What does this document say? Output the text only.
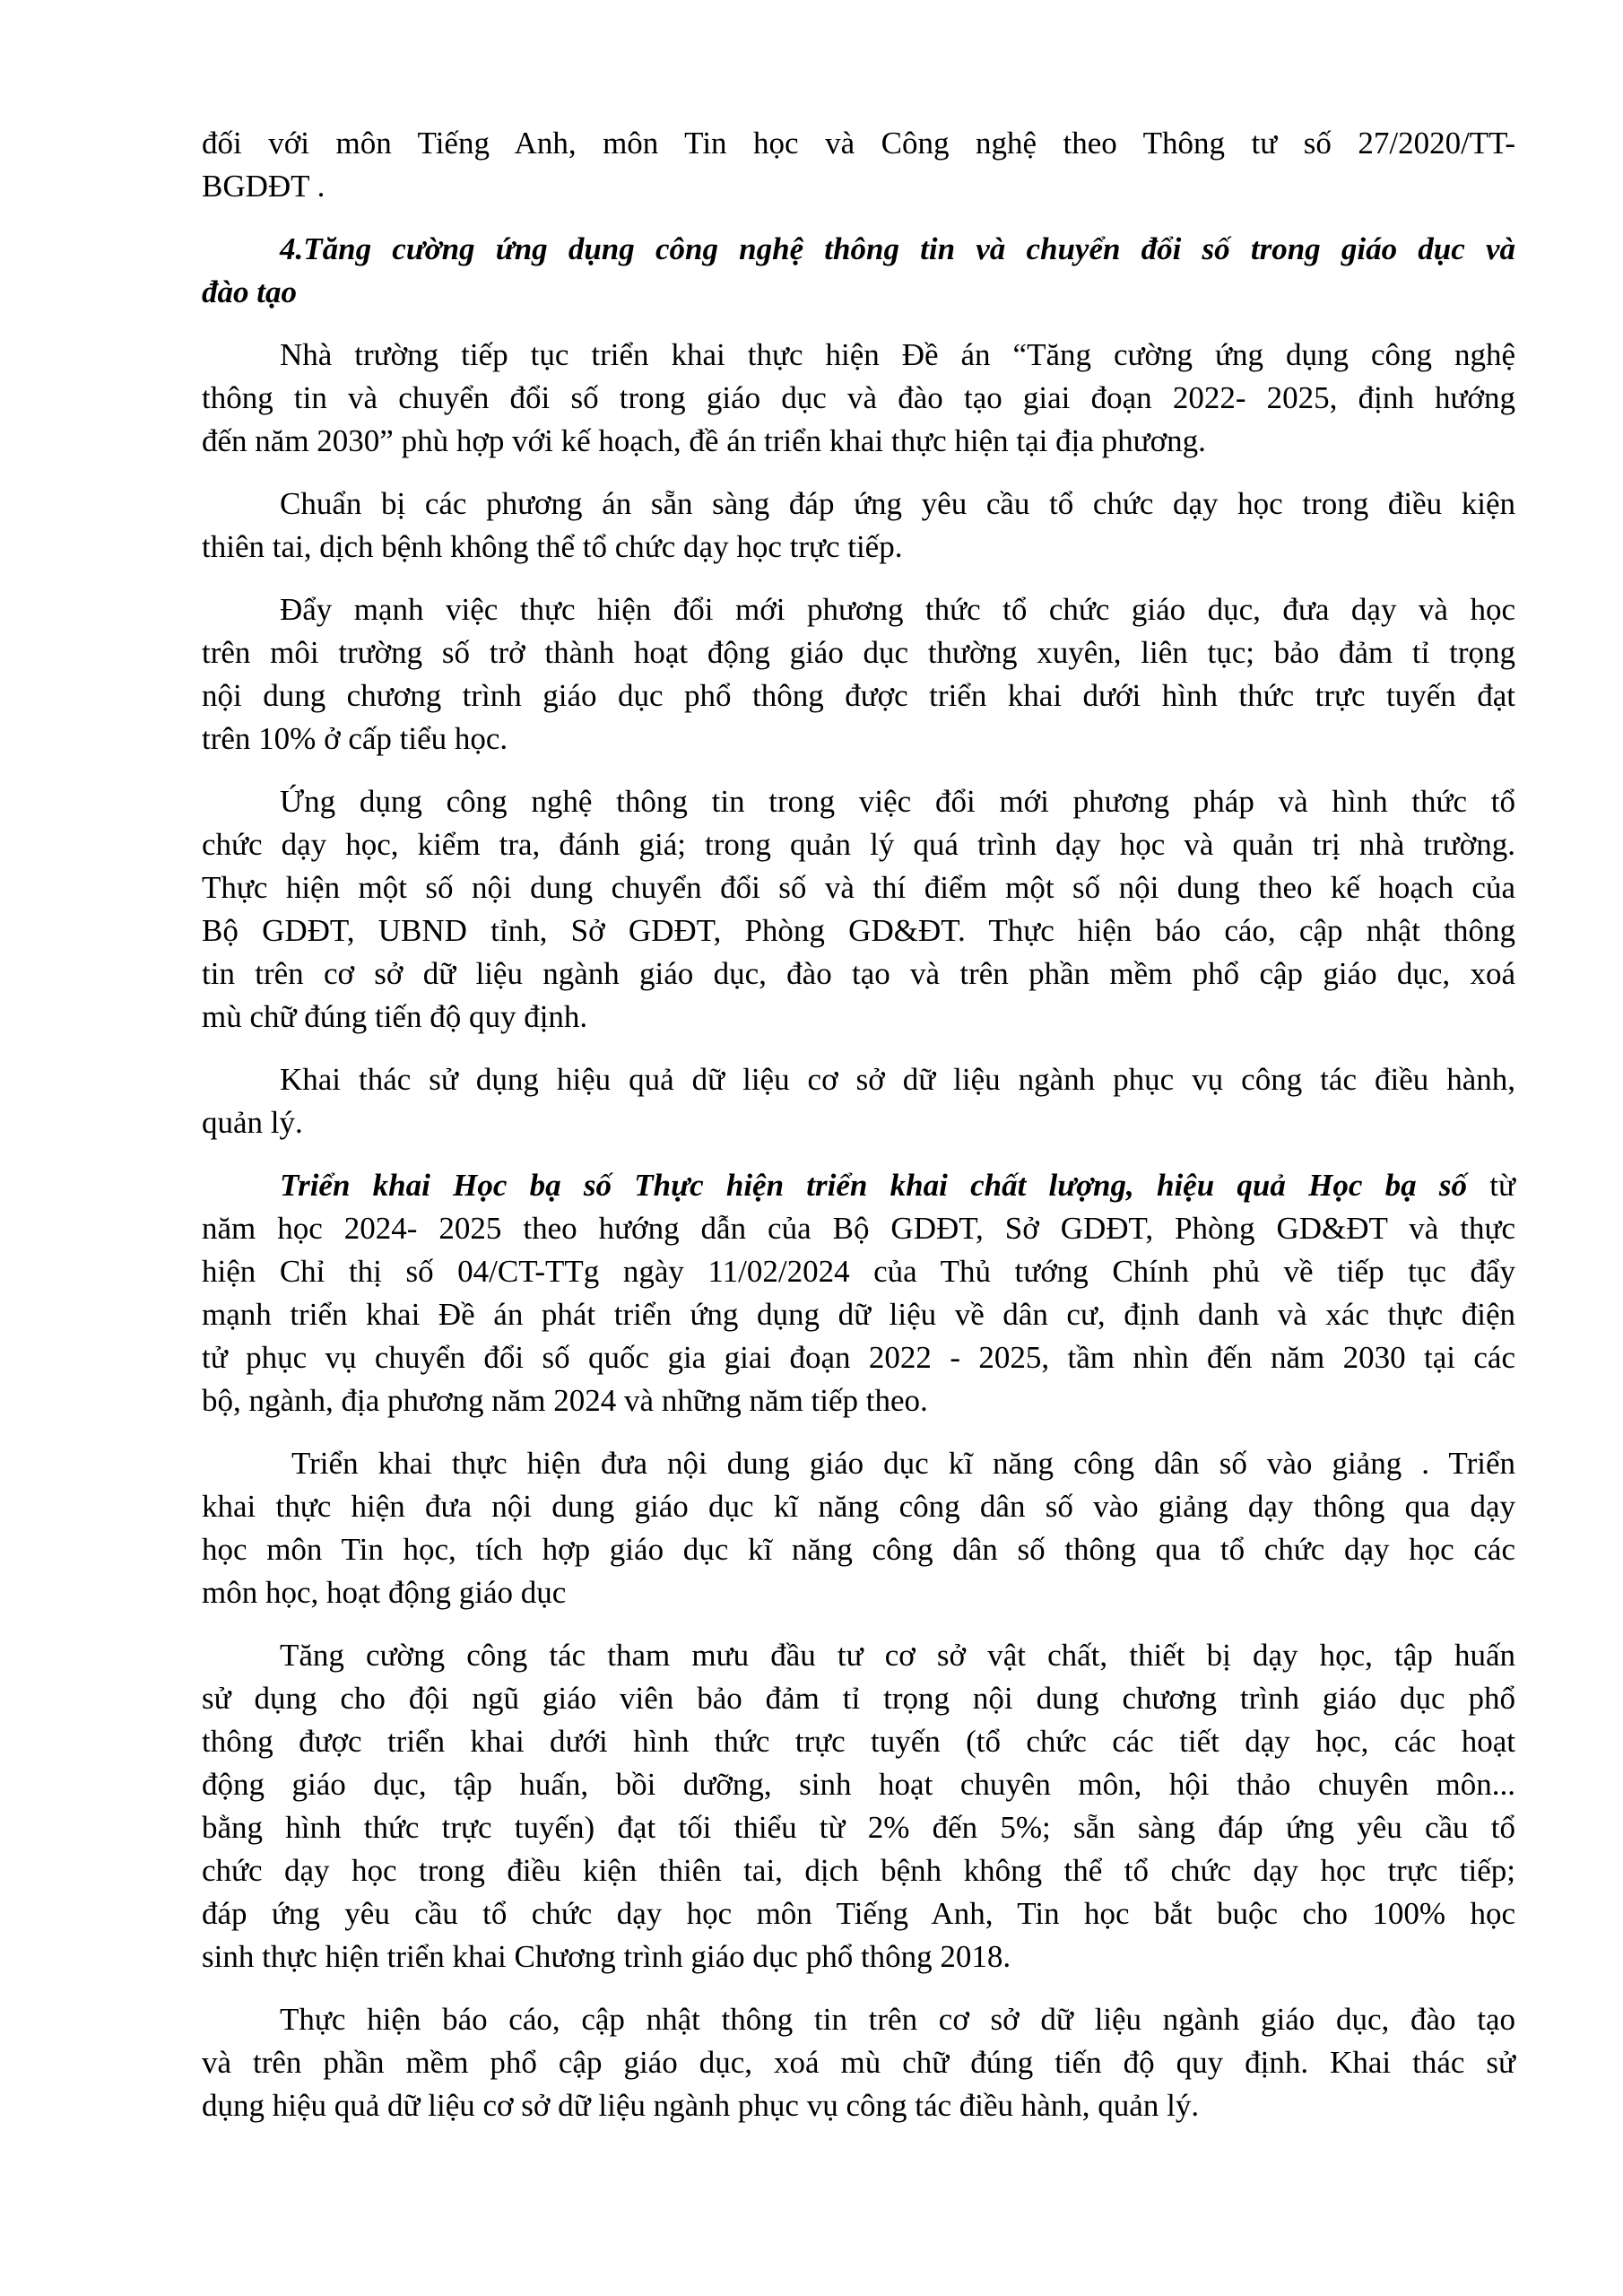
đối với môn Tiếng Anh, môn Tin học và Công nghệ theo Thông tư số 27/2020/TT-
BGDĐT .
4.Tăng cường ứng dụng công nghệ thông tin và chuyển đổi số trong giáo dục và
đào tạo
Nhà trường tiếp tục triển khai thực hiện Đề án “Tăng cường ứng dụng công nghệ
thông tin và chuyển đổi số trong giáo dục và đào tạo giai đoạn 2022- 2025, định hướng
đến năm 2030” phù hợp với kế hoạch, đề án triển khai thực hiện tại địa phương.
Chuẩn bị các phương án sẵn sàng đáp ứng yêu cầu tổ chức dạy học trong điều kiện
thiên tai, dịch bệnh không thể tổ chức dạy học trực tiếp.
Đẩy mạnh việc thực hiện đổi mới phương thức tổ chức giáo dục, đưa dạy và học
trên môi trường số trở thành hoạt động giáo dục thường xuyên, liên tục; bảo đảm tỉ trọng
nội dung chương trình giáo dục phổ thông được triển khai dưới hình thức trực tuyến đạt
trên 10% ở cấp tiểu học.
Ứng dụng công nghệ thông tin trong việc đổi mới phương pháp và hình thức tổ
chức dạy học, kiểm tra, đánh giá; trong quản lý quá trình dạy học và quản trị nhà trường.
Thực hiện một số nội dung chuyển đổi số và thí điểm một số nội dung theo kế hoạch của
Bộ GDĐT, UBND tỉnh, Sở GDĐT, Phòng GD&ĐT. Thực hiện báo cáo, cập nhật thông
tin trên cơ sở dữ liệu ngành giáo dục, đào tạo và trên phần mềm phổ cập giáo dục, xoá
mù chữ đúng tiến độ quy định.
Khai thác sử dụng hiệu quả dữ liệu cơ sở dữ liệu ngành phục vụ công tác điều hành,
quản lý.
Triển khai Học bạ số Thực hiện triển khai chất lượng, hiệu quả Học bạ số từ
năm học 2024- 2025 theo hướng dẫn của Bộ GDĐT, Sở GDĐT, Phòng GD&ĐT và thực
hiện Chỉ thị số 04/CT-TTg ngày 11/02/2024 của Thủ tướng Chính phủ về tiếp tục đẩy
mạnh triển khai Đề án phát triển ứng dụng dữ liệu về dân cư, định danh và xác thực điện
tử phục vụ chuyển đổi số quốc gia giai đoạn 2022 - 2025, tầm nhìn đến năm 2030 tại các
bộ, ngành, địa phương năm 2024 và những năm tiếp theo.
Triển khai thực hiện đưa nội dung giáo dục kĩ năng công dân số vào giảng . Triển
khai thực hiện đưa nội dung giáo dục kĩ năng công dân số vào giảng dạy thông qua dạy
học môn Tin học, tích hợp giáo dục kĩ năng công dân số thông qua tổ chức dạy học các
môn học, hoạt động giáo dục
Tăng cường công tác tham mưu đầu tư cơ sở vật chất, thiết bị dạy học, tập huấn
sử dụng cho đội ngũ giáo viên bảo đảm tỉ trọng nội dung chương trình giáo dục phổ
thông được triển khai dưới hình thức trực tuyến (tổ chức các tiết dạy học, các hoạt
động giáo dục, tập huấn, bồi dưỡng, sinh hoạt chuyên môn, hội thảo chuyên môn...
bằng hình thức trực tuyến) đạt tối thiểu từ 2% đến 5%; sẵn sàng đáp ứng yêu cầu tổ
chức dạy học trong điều kiện thiên tai, dịch bệnh không thể tổ chức dạy học trực tiếp;
đáp ứng yêu cầu tổ chức dạy học môn Tiếng Anh, Tin học bắt buộc cho 100% học
sinh thực hiện triển khai Chương trình giáo dục phổ thông 2018.
Thực hiện báo cáo, cập nhật thông tin trên cơ sở dữ liệu ngành giáo dục, đào tạo
và trên phần mềm phổ cập giáo dục, xoá mù chữ đúng tiến độ quy định. Khai thác sử
dụng hiệu quả dữ liệu cơ sở dữ liệu ngành phục vụ công tác điều hành, quản lý.
